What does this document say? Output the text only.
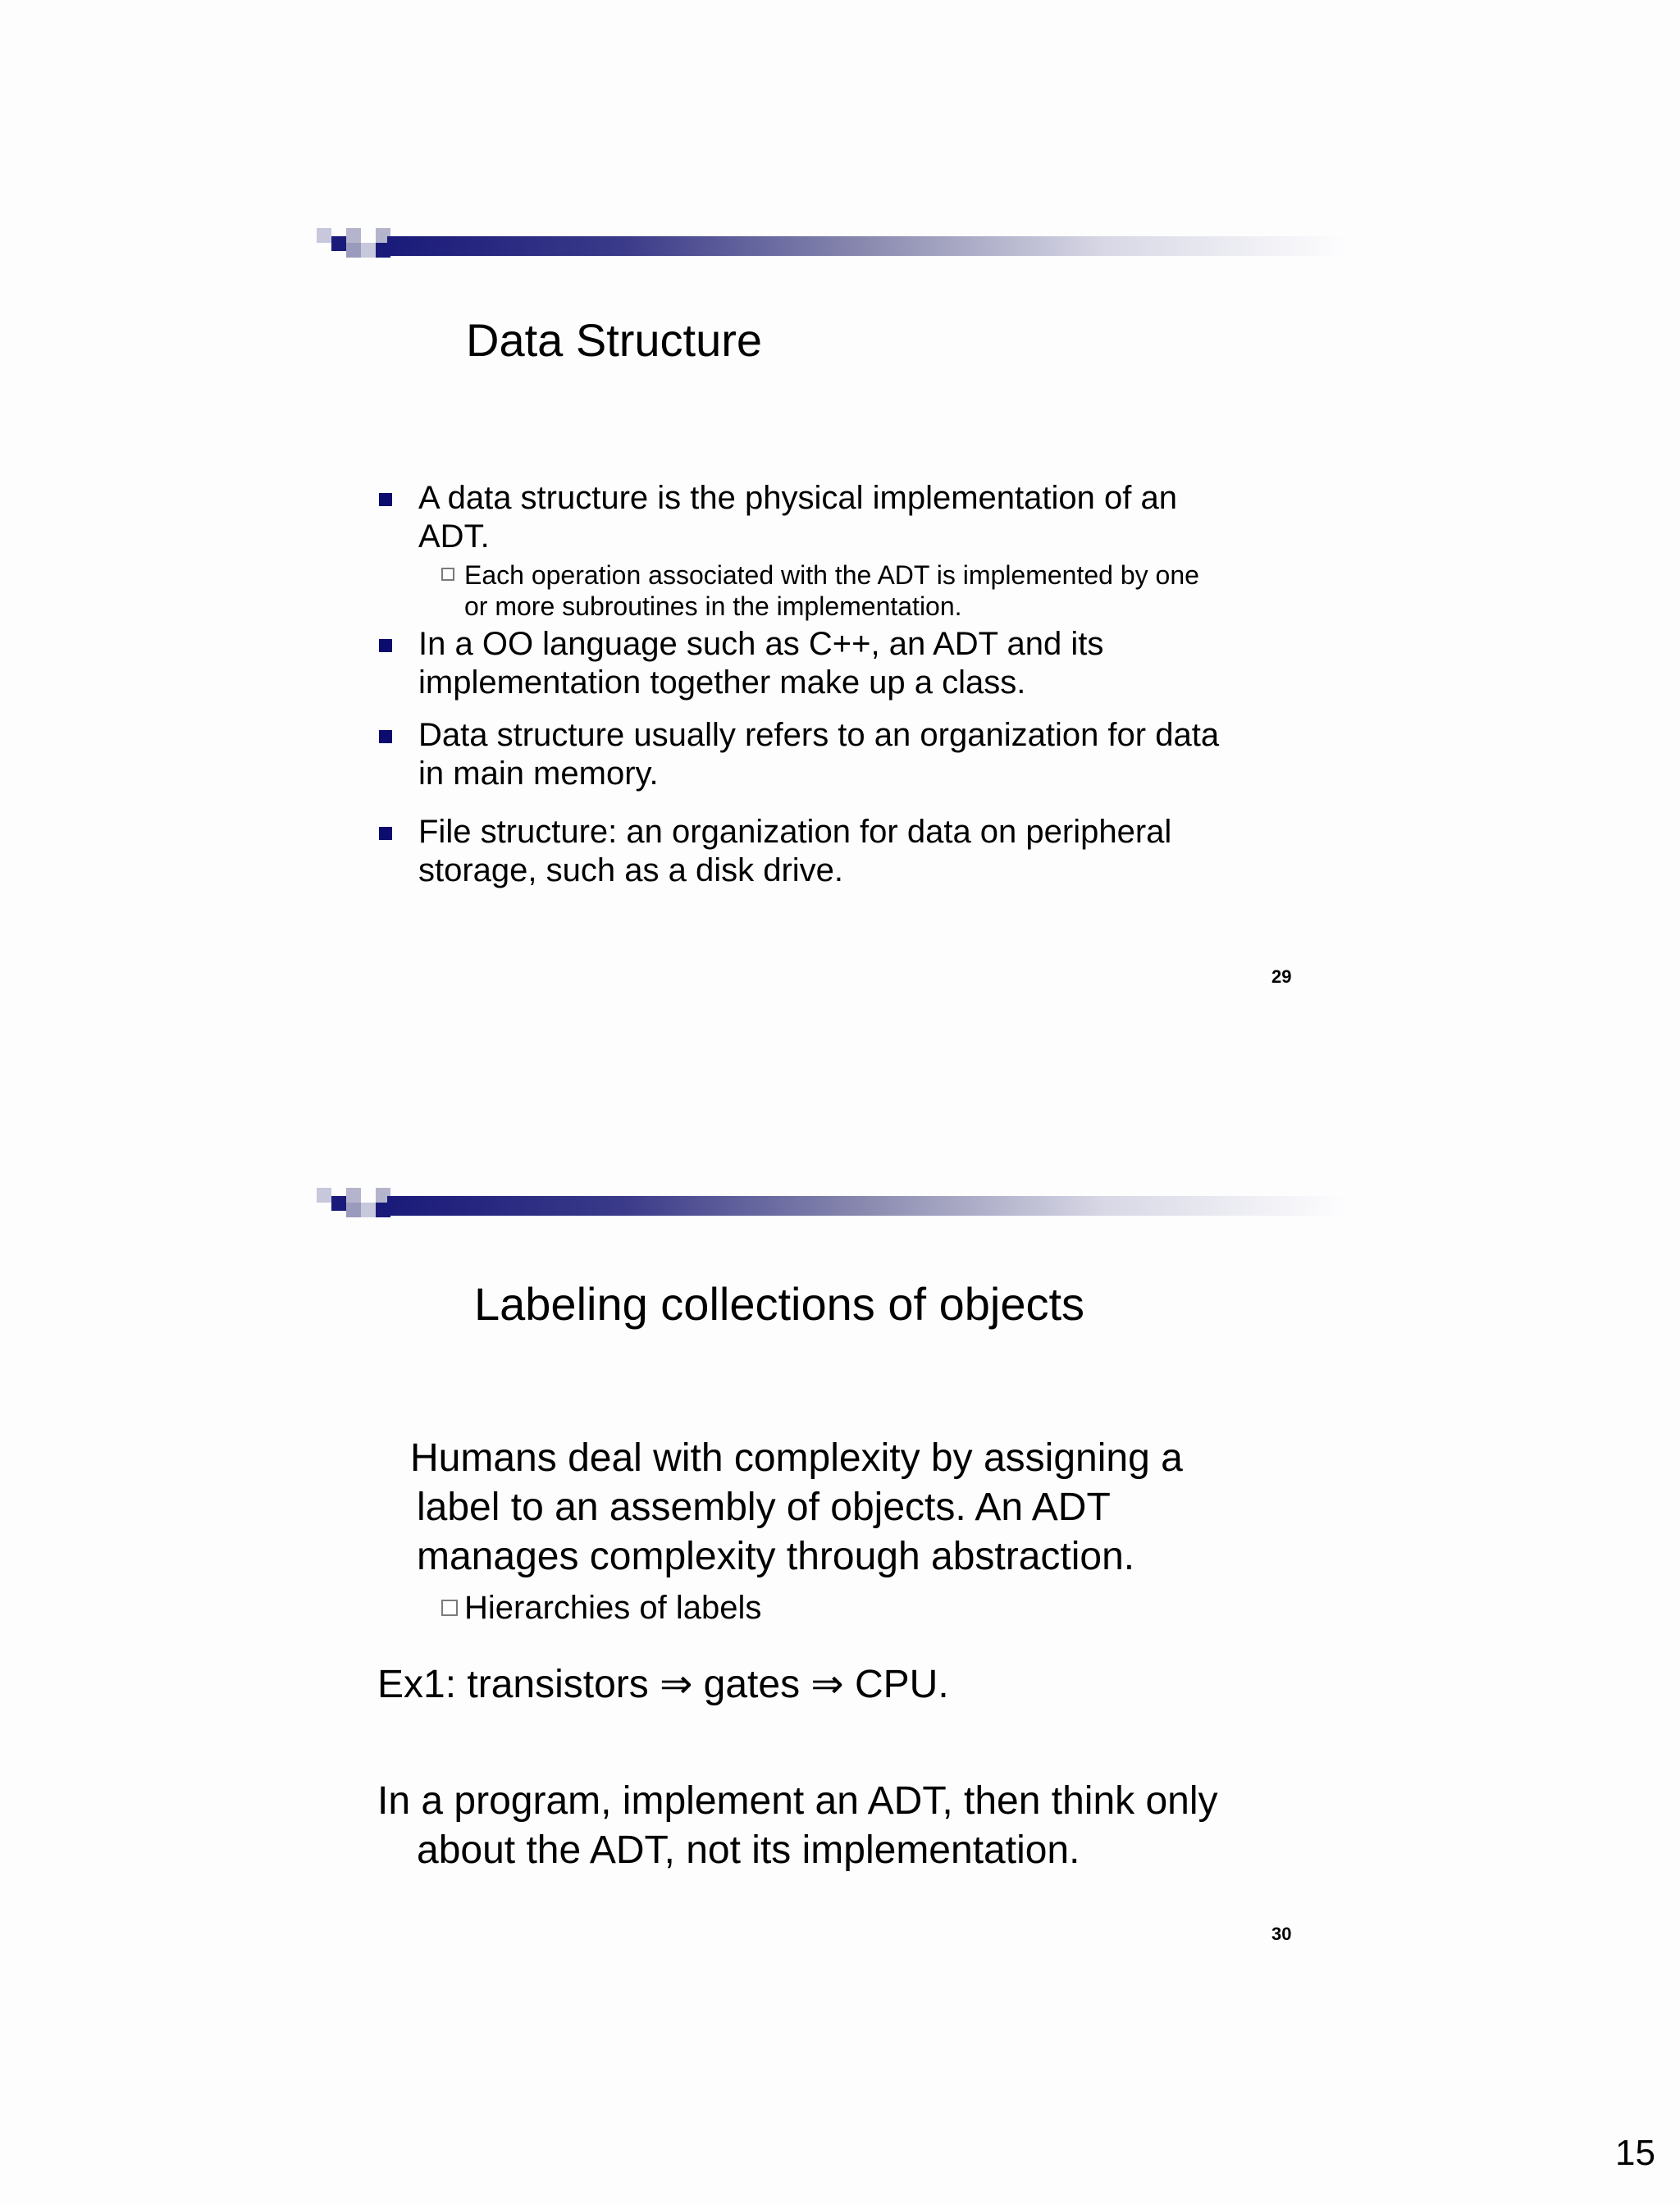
Data Structure
A data structure is the physical implementation of an
ADT.
Each operation associated with the ADT is implemented by one
or more subroutines in the implementation.
In a OO language such as C++, an ADT and its
implementation together make up a class.
Data structure usually refers to an organization for data
in main memory.
File structure: an organization for data on peripheral
storage, such as a disk drive.
29
Labeling collections of objects
Humans deal with complexity by assigning a
label to an assembly of objects. An ADT
manages complexity through abstraction.
Hierarchies of labels
Ex1: transistors ⇒ gates ⇒ CPU.
In a program, implement an ADT, then think only
about the ADT, not its implementation.
30
15
